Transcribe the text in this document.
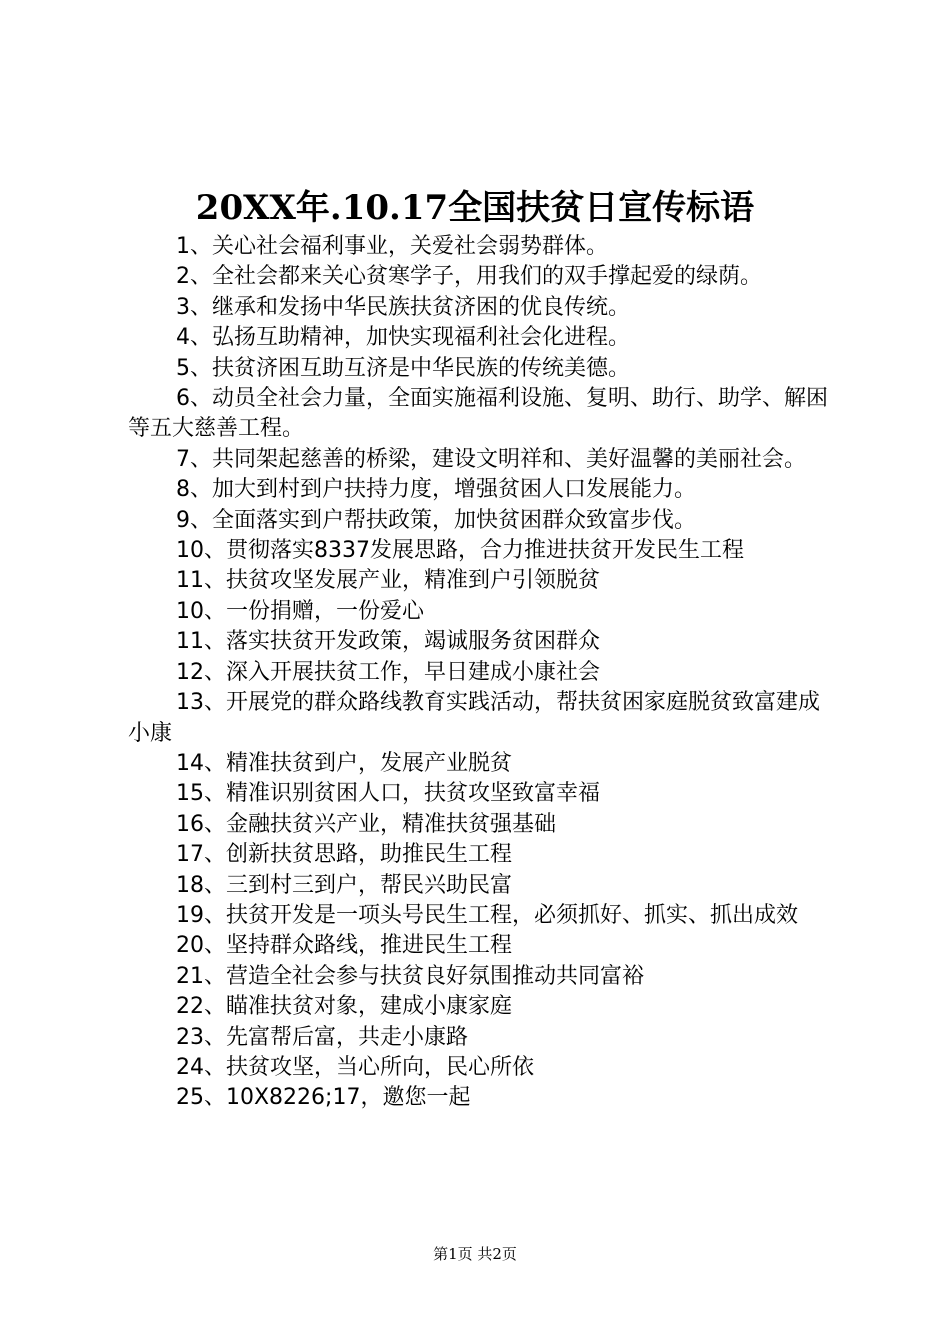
20XX年.10.17全国扶贫日宣传标语

1、关心社会福利事业，关爱社会弱势群体。

2、全社会都来关心贫寒学子，用我们的双手撑起爱的绿荫。

3、继承和发扬中华民族扶贫济困的优良传统。

4、弘扬互助精神，加快实现福利社会化进程。

5、扶贫济困互助互济是中华民族的传统美德。

6、动员全社会力量，全面实施福利设施、复明、助行、助学、解困等五大慈善工程。

7、共同架起慈善的桥梁，建设文明祥和、美好温馨的美丽社会。

8、加大到村到户扶持力度，增强贫困人口发展能力。

9、全面落实到户帮扶政策，加快贫困群众致富步伐。

10、贯彻落实8337发展思路，合力推进扶贫开发民生工程

11、扶贫攻坚发展产业，精准到户引领脱贫

10、一份捐赠，一份爱心

11、落实扶贫开发政策，竭诚服务贫困群众

12、深入开展扶贫工作，早日建成小康社会

13、开展党的群众路线教育实践活动，帮扶贫困家庭脱贫致富建成小康

14、精准扶贫到户，发展产业脱贫

15、精准识别贫困人口，扶贫攻坚致富幸福

16、金融扶贫兴产业，精准扶贫强基础

17、创新扶贫思路，助推民生工程

18、三到村三到户，帮民兴助民富

19、扶贫开发是一项头号民生工程，必须抓好、抓实、抓出成效

20、坚持群众路线，推进民生工程

21、营造全社会参与扶贫良好氛围推动共同富裕

22、瞄准扶贫对象，建成小康家庭

23、先富帮后富，共走小康路

24、扶贫攻坚，当心所向，民心所依

25、10X8226;17，邀您一起

第1页 共2页
